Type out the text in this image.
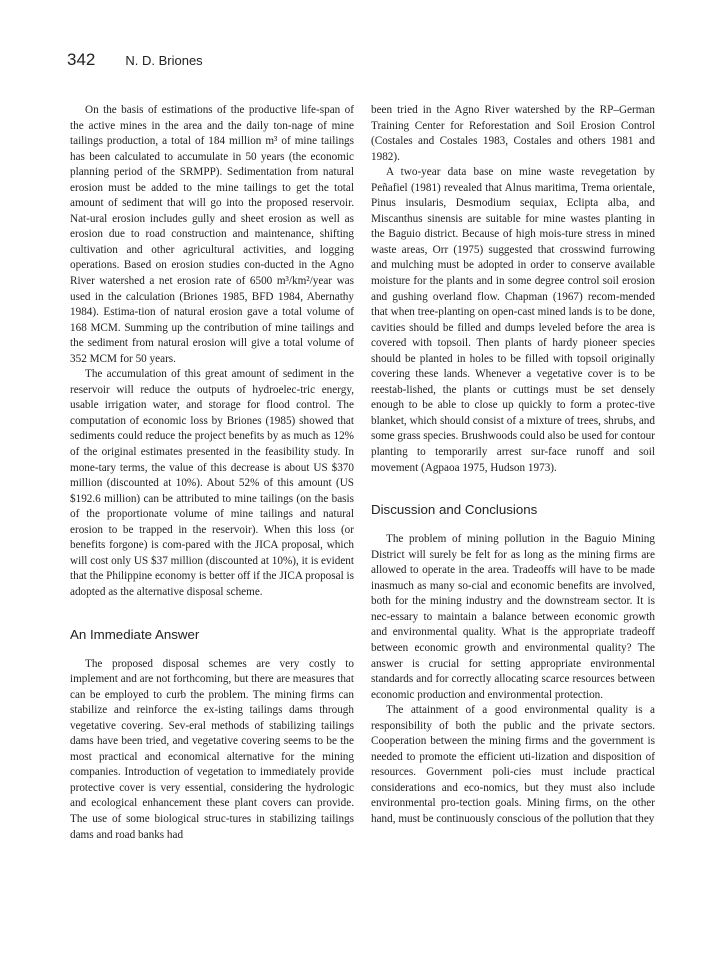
342 N. D. Briones

On the basis of estimations of the productive life-span of the active mines in the area and the daily ton-nage of mine tailings production, a total of 184 million m³ of mine tailings has been calculated to accumulate in 50 years (the economic planning period of the SRMPP). Sedimentation from natural erosion must be added to the mine tailings to get the total amount of sediment that will go into the proposed reservoir. Nat-ural erosion includes gully and sheet erosion as well as erosion due to road construction and maintenance, shifting cultivation and other agricultural activities, and logging operations. Based on erosion studies con-ducted in the Agno River watershed a net erosion rate of 6500 m³/km²/year was used in the calculation (Briones 1985, BFD 1984, Abernathy 1984). Estima-tion of natural erosion gave a total volume of 168 MCM. Summing up the contribution of mine tailings and the sediment from natural erosion will give a total volume of 352 MCM for 50 years.

The accumulation of this great amount of sediment in the reservoir will reduce the outputs of hydroelec-tric energy, usable irrigation water, and storage for flood control. The computation of economic loss by Briones (1985) showed that sediments could reduce the project benefits by as much as 12% of the original estimates presented in the feasibility study. In mone-tary terms, the value of this decrease is about US $370 million (discounted at 10%). About 52% of this amount (US $192.6 million) can be attributed to mine tailings (on the basis of the proportionate volume of mine tailings and natural erosion to be trapped in the reservoir). When this loss (or benefits forgone) is com-pared with the JICA proposal, which will cost only US $37 million (discounted at 10%), it is evident that the Philippine economy is better off if the JICA proposal is adopted as the alternative disposal scheme.

An Immediate Answer

The proposed disposal schemes are very costly to implement and are not forthcoming, but there are measures that can be employed to curb the problem. The mining firms can stabilize and reinforce the ex-isting tailings dams through vegetative covering. Sev-eral methods of stabilizing tailings dams have been tried, and vegetative covering seems to be the most practical and economical alternative for the mining companies. Introduction of vegetation to immediately provide protective cover is very essential, considering the hydrologic and ecological enhancement these plant covers can provide. The use of some biological struc-tures in stabilizing tailings dams and road banks had

been tried in the Agno River watershed by the RP–German Training Center for Reforestation and Soil Erosion Control (Costales and Costales 1983, Costales and others 1981 and 1982).

A two-year data base on mine waste revegetation by Peñafiel (1981) revealed that Alnus maritima, Trema orientale, Pinus insularis, Desmodium sequiax, Eclipta alba, and Miscanthus sinensis are suitable for mine wastes planting in the Baguio district. Because of high mois-ture stress in mined waste areas, Orr (1975) suggested that crosswind furrowing and mulching must be adopted in order to conserve available moisture for the plants and in some degree control soil erosion and gushing overland flow. Chapman (1967) recom-mended that when tree-planting on open-cast mined lands is to be done, cavities should be filled and dumps leveled before the area is covered with topsoil. Then plants of hardy pioneer species should be planted in holes to be filled with topsoil originally covering these lands. Whenever a vegetative cover is to be reestab-lished, the plants or cuttings must be set densely enough to be able to close up quickly to form a protec-tive blanket, which should consist of a mixture of trees, shrubs, and some grass species. Brushwoods could also be used for contour planting to temporarily arrest sur-face runoff and soil movement (Agpaoa 1975, Hudson 1973).

Discussion and Conclusions

The problem of mining pollution in the Baguio Mining District will surely be felt for as long as the mining firms are allowed to operate in the area. Tradeoffs will have to be made inasmuch as many so-cial and economic benefits are involved, both for the mining industry and the downstream sector. It is nec-essary to maintain a balance between economic growth and environmental quality. What is the appropriate tradeoff between economic growth and environmental quality? The answer is crucial for setting appropriate environmental standards and for correctly allocating scarce resources between economic production and environmental protection.

The attainment of a good environmental quality is a responsibility of both the public and the private sectors. Cooperation between the mining firms and the government is needed to promote the efficient uti-lization and disposition of resources. Government poli-cies must include practical considerations and eco-nomics, but they must also include environmental pro-tection goals. Mining firms, on the other hand, must be continuously conscious of the pollution that they
